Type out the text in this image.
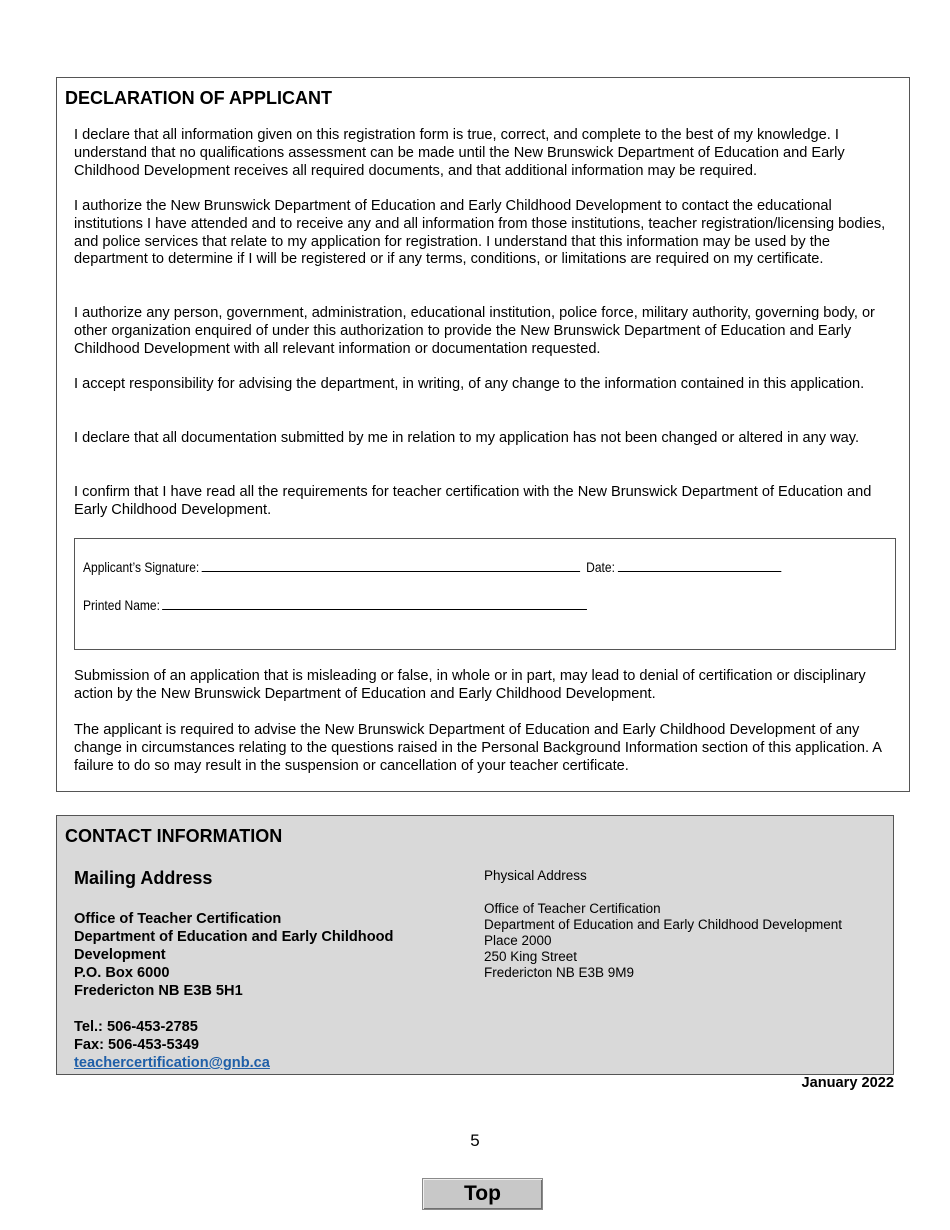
DECLARATION OF APPLICANT

I declare that all information given on this registration form is true, correct, and complete to the best of my knowledge. I understand that no qualifications assessment can be made until the New Brunswick Department of Education and Early Childhood Development receives all required documents, and that additional information may be required.

I authorize the New Brunswick Department of Education and Early Childhood Development to contact the educational institutions I have attended and to receive any and all information from those institutions, teacher registration/licensing bodies, and police services that relate to my application for registration. I understand that this information may be used by the department to determine if I will be registered or if any terms, conditions, or limitations are required on my certificate.

I authorize any person, government, administration, educational institution, police force, military authority, governing body, or other organization enquired of under this authorization to provide the New Brunswick Department of Education and Early Childhood Development with all relevant information or documentation requested.

I accept responsibility for advising the department, in writing, of any change to the information contained in this application.

I declare that all documentation submitted by me in relation to my application has not been changed or altered in any way.

I confirm that I have read all the requirements for teacher certification with the New Brunswick Department of Education and Early Childhood Development.

Applicant’s Signature:	Date:
Printed Name:

Submission of an application that is misleading or false, in whole or in part, may lead to denial of certification or disciplinary action by the New Brunswick Department of Education and Early Childhood Development.

The applicant is required to advise the New Brunswick Department of Education and Early Childhood Development of any change in circumstances relating to the questions raised in the Personal Background Information section of this application. A failure to do so may result in the suspension or cancellation of your teacher certificate.

CONTACT INFORMATION
Mailing Address
Office of Teacher Certification
Department of Education and Early Childhood Development
P.O. Box 6000
Fredericton NB E3B 5H1
Tel.: 506-453-2785
Fax: 506-453-5349
teachercertification@gnb.ca
Physical Address
Office of Teacher Certification
Department of Education and Early Childhood Development
Place 2000
250 King Street
Fredericton NB E3B 9M9
January 2022
5
Top
